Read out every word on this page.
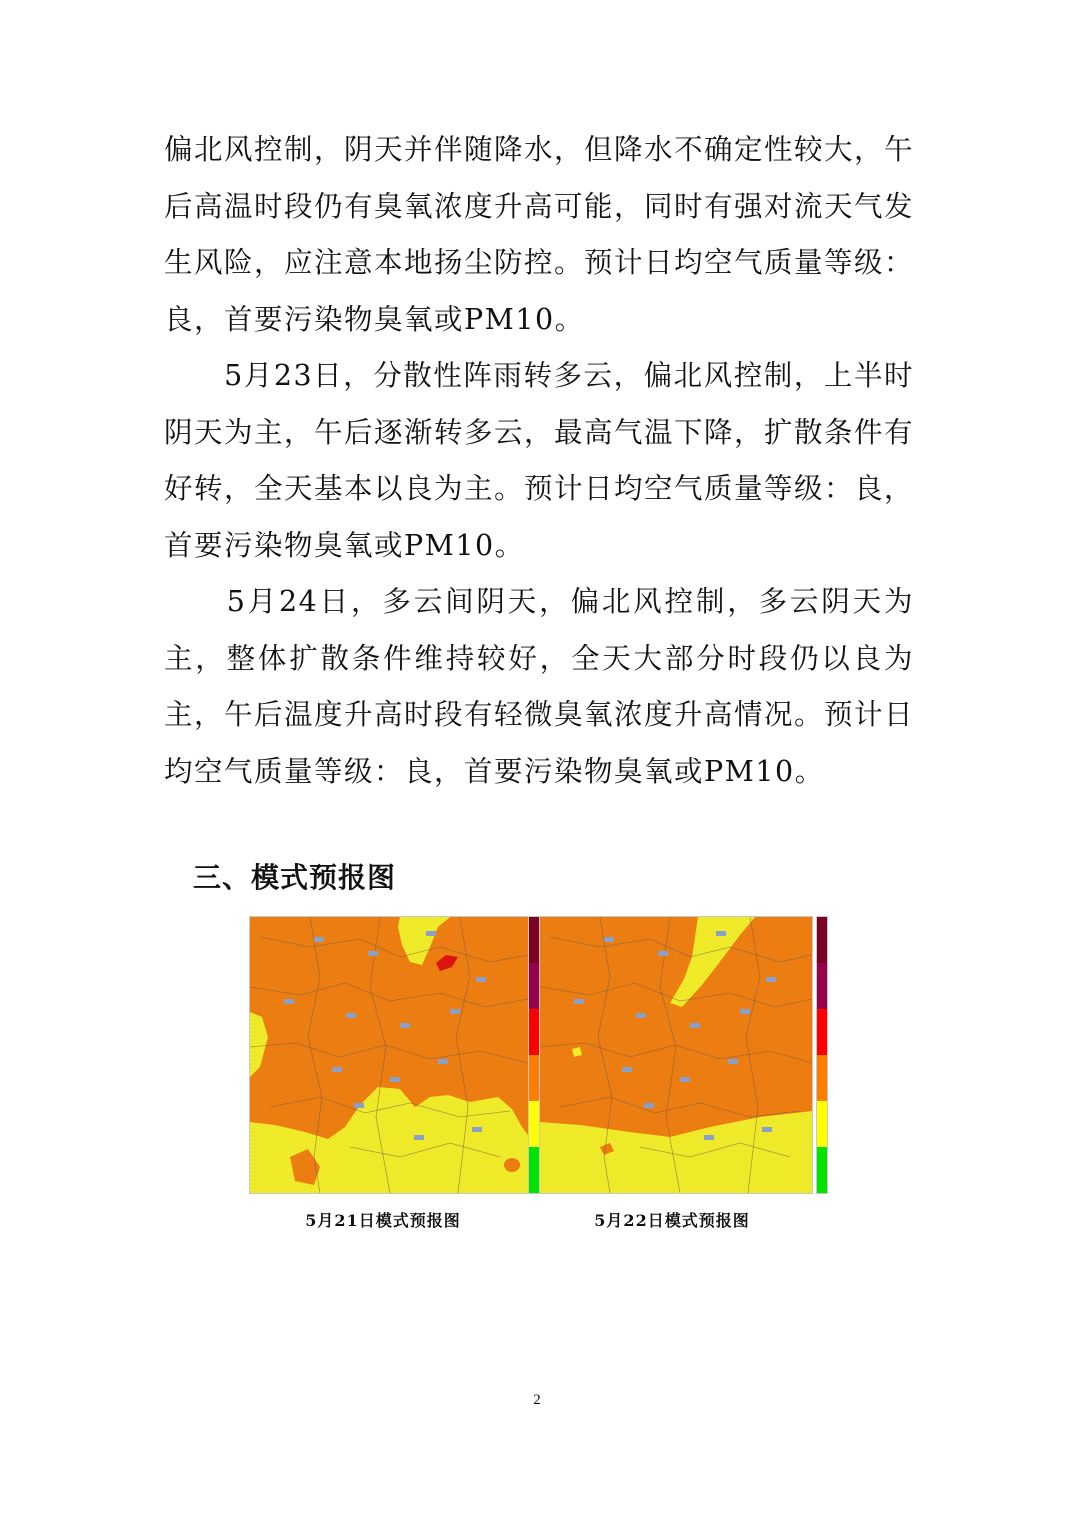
偏北风控制，阴天并伴随降水，但降水不确定性较大，午后高温时段仍有臭氧浓度升高可能，同时有强对流天气发生风险，应注意本地扬尘防控。预计日均空气质量等级：良，首要污染物臭氧或PM10。

　　5月23日，分散性阵雨转多云，偏北风控制，上半时阴天为主，午后逐渐转多云，最高气温下降，扩散条件有好转，全天基本以良为主。预计日均空气质量等级：良，首要污染物臭氧或PM10。

　　5月24日，多云间阴天，偏北风控制，多云阴天为主，整体扩散条件维持较好，全天大部分时段仍以良为主，午后温度升高时段有轻微臭氧浓度升高情况。预计日均空气质量等级：良，首要污染物臭氧或PM10。

三、模式预报图
5月21日模式预报图	5月22日模式预报图
2
